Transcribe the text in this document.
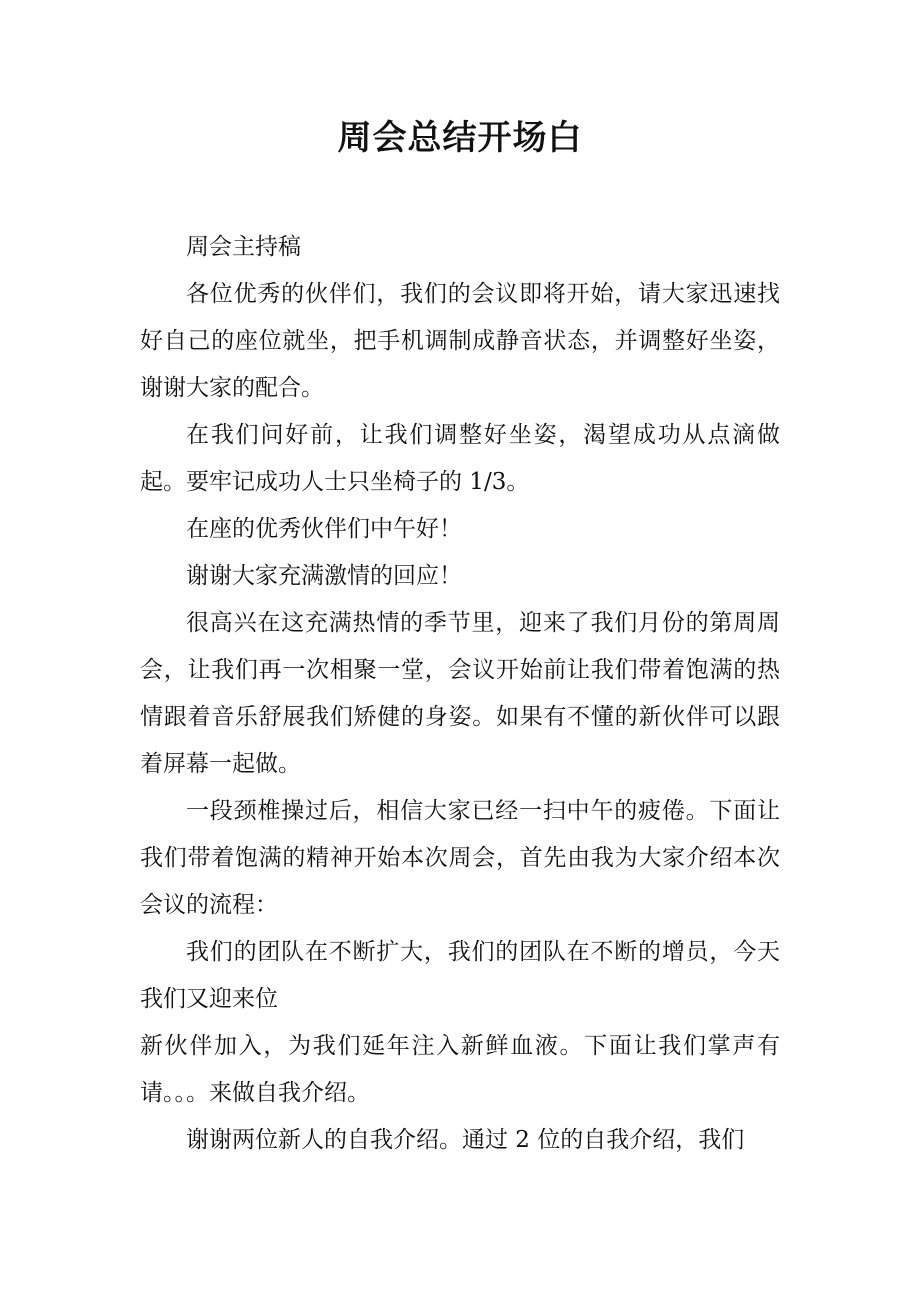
周会总结开场白

周会主持稿

各位优秀的伙伴们，我们的会议即将开始，请大家迅速找好自己的座位就坐，把手机调制成静音状态，并调整好坐姿，谢谢大家的配合。

在我们问好前，让我们调整好坐姿，渴望成功从点滴做起。要牢记成功人士只坐椅子的 1/3。

在座的优秀伙伴们中午好！

谢谢大家充满激情的回应！

很高兴在这充满热情的季节里，迎来了我们月份的第周周会，让我们再一次相聚一堂，会议开始前让我们带着饱满的热情跟着音乐舒展我们矫健的身姿。如果有不懂的新伙伴可以跟着屏幕一起做。

一段颈椎操过后，相信大家已经一扫中午的疲倦。下面让我们带着饱满的精神开始本次周会，首先由我为大家介绍本次会议的流程：

我们的团队在不断扩大，我们的团队在不断的增员，今天我们又迎来位

新伙伴加入，为我们延年注入新鲜血液。下面让我们掌声有请。。。来做自我介绍。

谢谢两位新人的自我介绍。通过 2 位的自我介绍，我们
